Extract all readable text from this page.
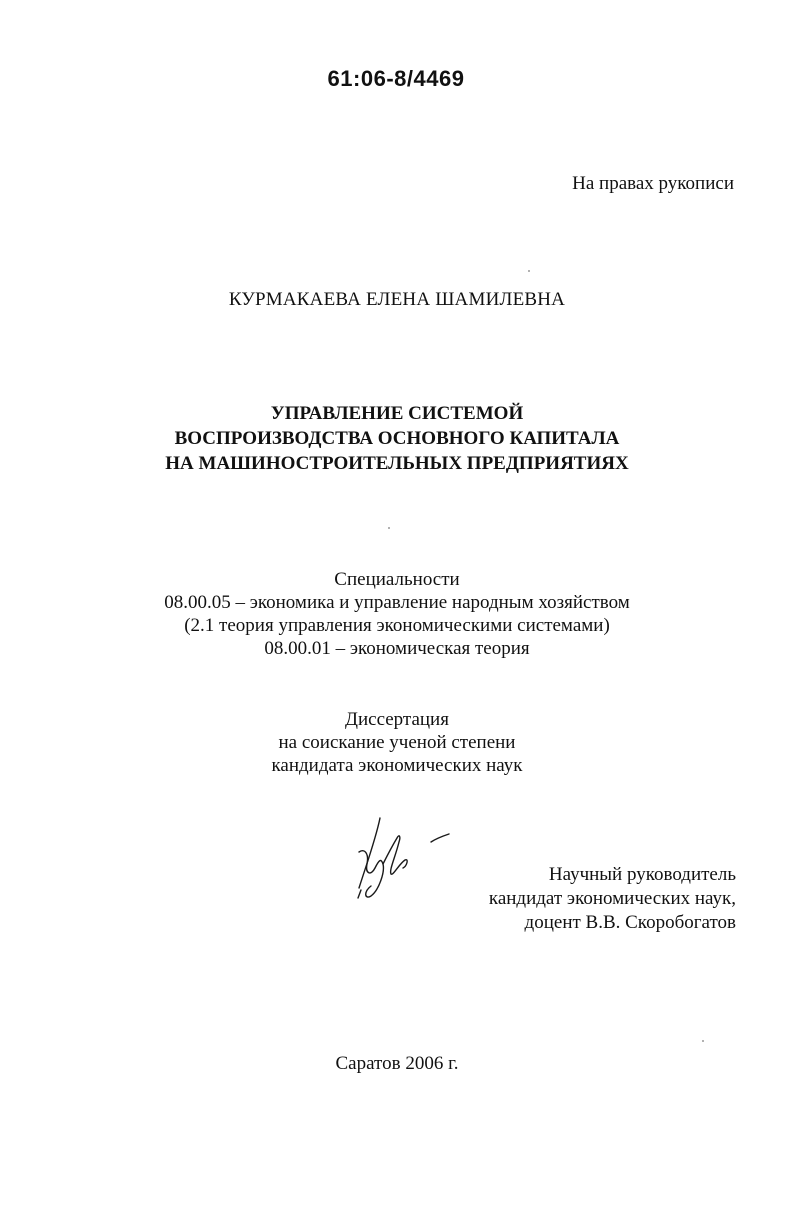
61:06-8/4469
На правах рукописи
КУРМАКАЕВА ЕЛЕНА ШАМИЛЕВНА
УПРАВЛЕНИЕ СИСТЕМОЙ
ВОСПРОИЗВОДСТВА ОСНОВНОГО КАПИТАЛА
НА МАШИНОСТРОИТЕЛЬНЫХ ПРЕДПРИЯТИЯХ
Специальности
08.00.05 – экономика и управление народным хозяйством
(2.1 теория управления экономическими системами)
08.00.01 – экономическая теория
Диссертация
на соискание ученой степени
кандидата экономических наук
Научный руководитель
кандидат экономических наук,
доцент В.В. Скоробогатов
Саратов 2006 г.
